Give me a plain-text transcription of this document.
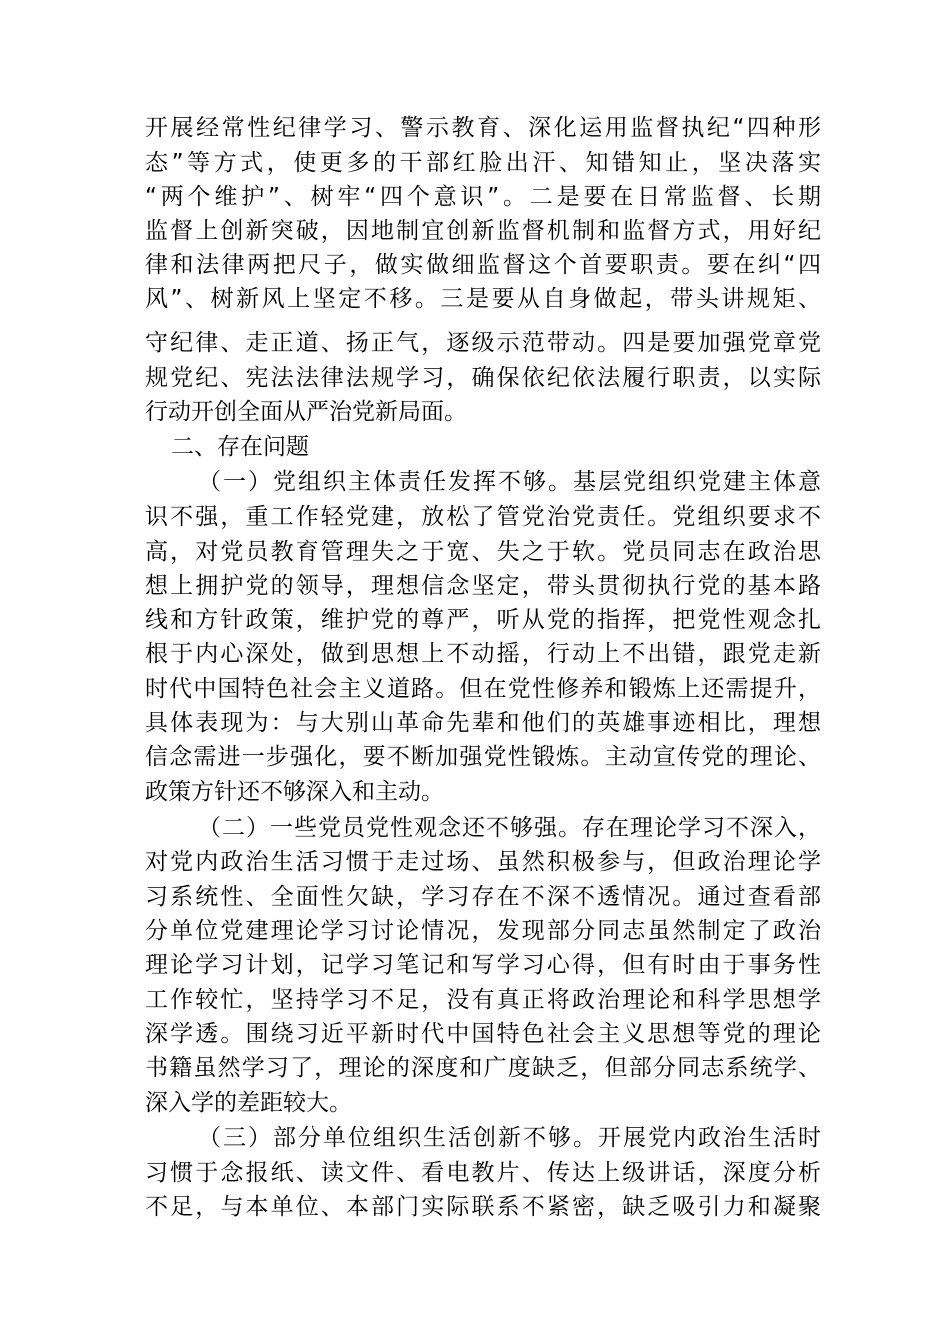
开展经常性纪律学习、警示教育、深化运用监督执纪“四种形
态”等方式，使更多的干部红脸出汗、知错知止，坚决落实
“两个维护”、树牢“四个意识”。二是要在日常监督、长期
监督上创新突破，因地制宜创新监督机制和监督方式，用好纪
律和法律两把尺子，做实做细监督这个首要职责。要在纠“四
风”、树新风上坚定不移。三是要从自身做起，带头讲规矩、
守纪律、走正道、扬正气，逐级示范带动。四是要加强党章党
规党纪、宪法法律法规学习，确保依纪依法履行职责，以实际
行动开创全面从严治党新局面。
二、存在问题
（一）党组织主体责任发挥不够。基层党组织党建主体意
识不强，重工作轻党建，放松了管党治党责任。党组织要求不
高，对党员教育管理失之于宽、失之于软。党员同志在政治思
想上拥护党的领导，理想信念坚定，带头贯彻执行党的基本路
线和方针政策，维护党的尊严，听从党的指挥，把党性观念扎
根于内心深处，做到思想上不动摇，行动上不出错，跟党走新
时代中国特色社会主义道路。但在党性修养和锻炼上还需提升，
具体表现为：与大别山革命先辈和他们的英雄事迹相比，理想
信念需进一步强化，要不断加强党性锻炼。主动宣传党的理论、
政策方针还不够深入和主动。
（二）一些党员党性观念还不够强。存在理论学习不深入，
对党内政治生活习惯于走过场、虽然积极参与，但政治理论学
习系统性、全面性欠缺，学习存在不深不透情况。通过查看部
分单位党建理论学习讨论情况，发现部分同志虽然制定了政治
理论学习计划，记学习笔记和写学习心得，但有时由于事务性
工作较忙，坚持学习不足，没有真正将政治理论和科学思想学
深学透。围绕习近平新时代中国特色社会主义思想等党的理论
书籍虽然学习了，理论的深度和广度缺乏，但部分同志系统学、
深入学的差距较大。
（三）部分单位组织生活创新不够。开展党内政治生活时
习惯于念报纸、读文件、看电教片、传达上级讲话，深度分析
不足，与本单位、本部门实际联系不紧密，缺乏吸引力和凝聚
